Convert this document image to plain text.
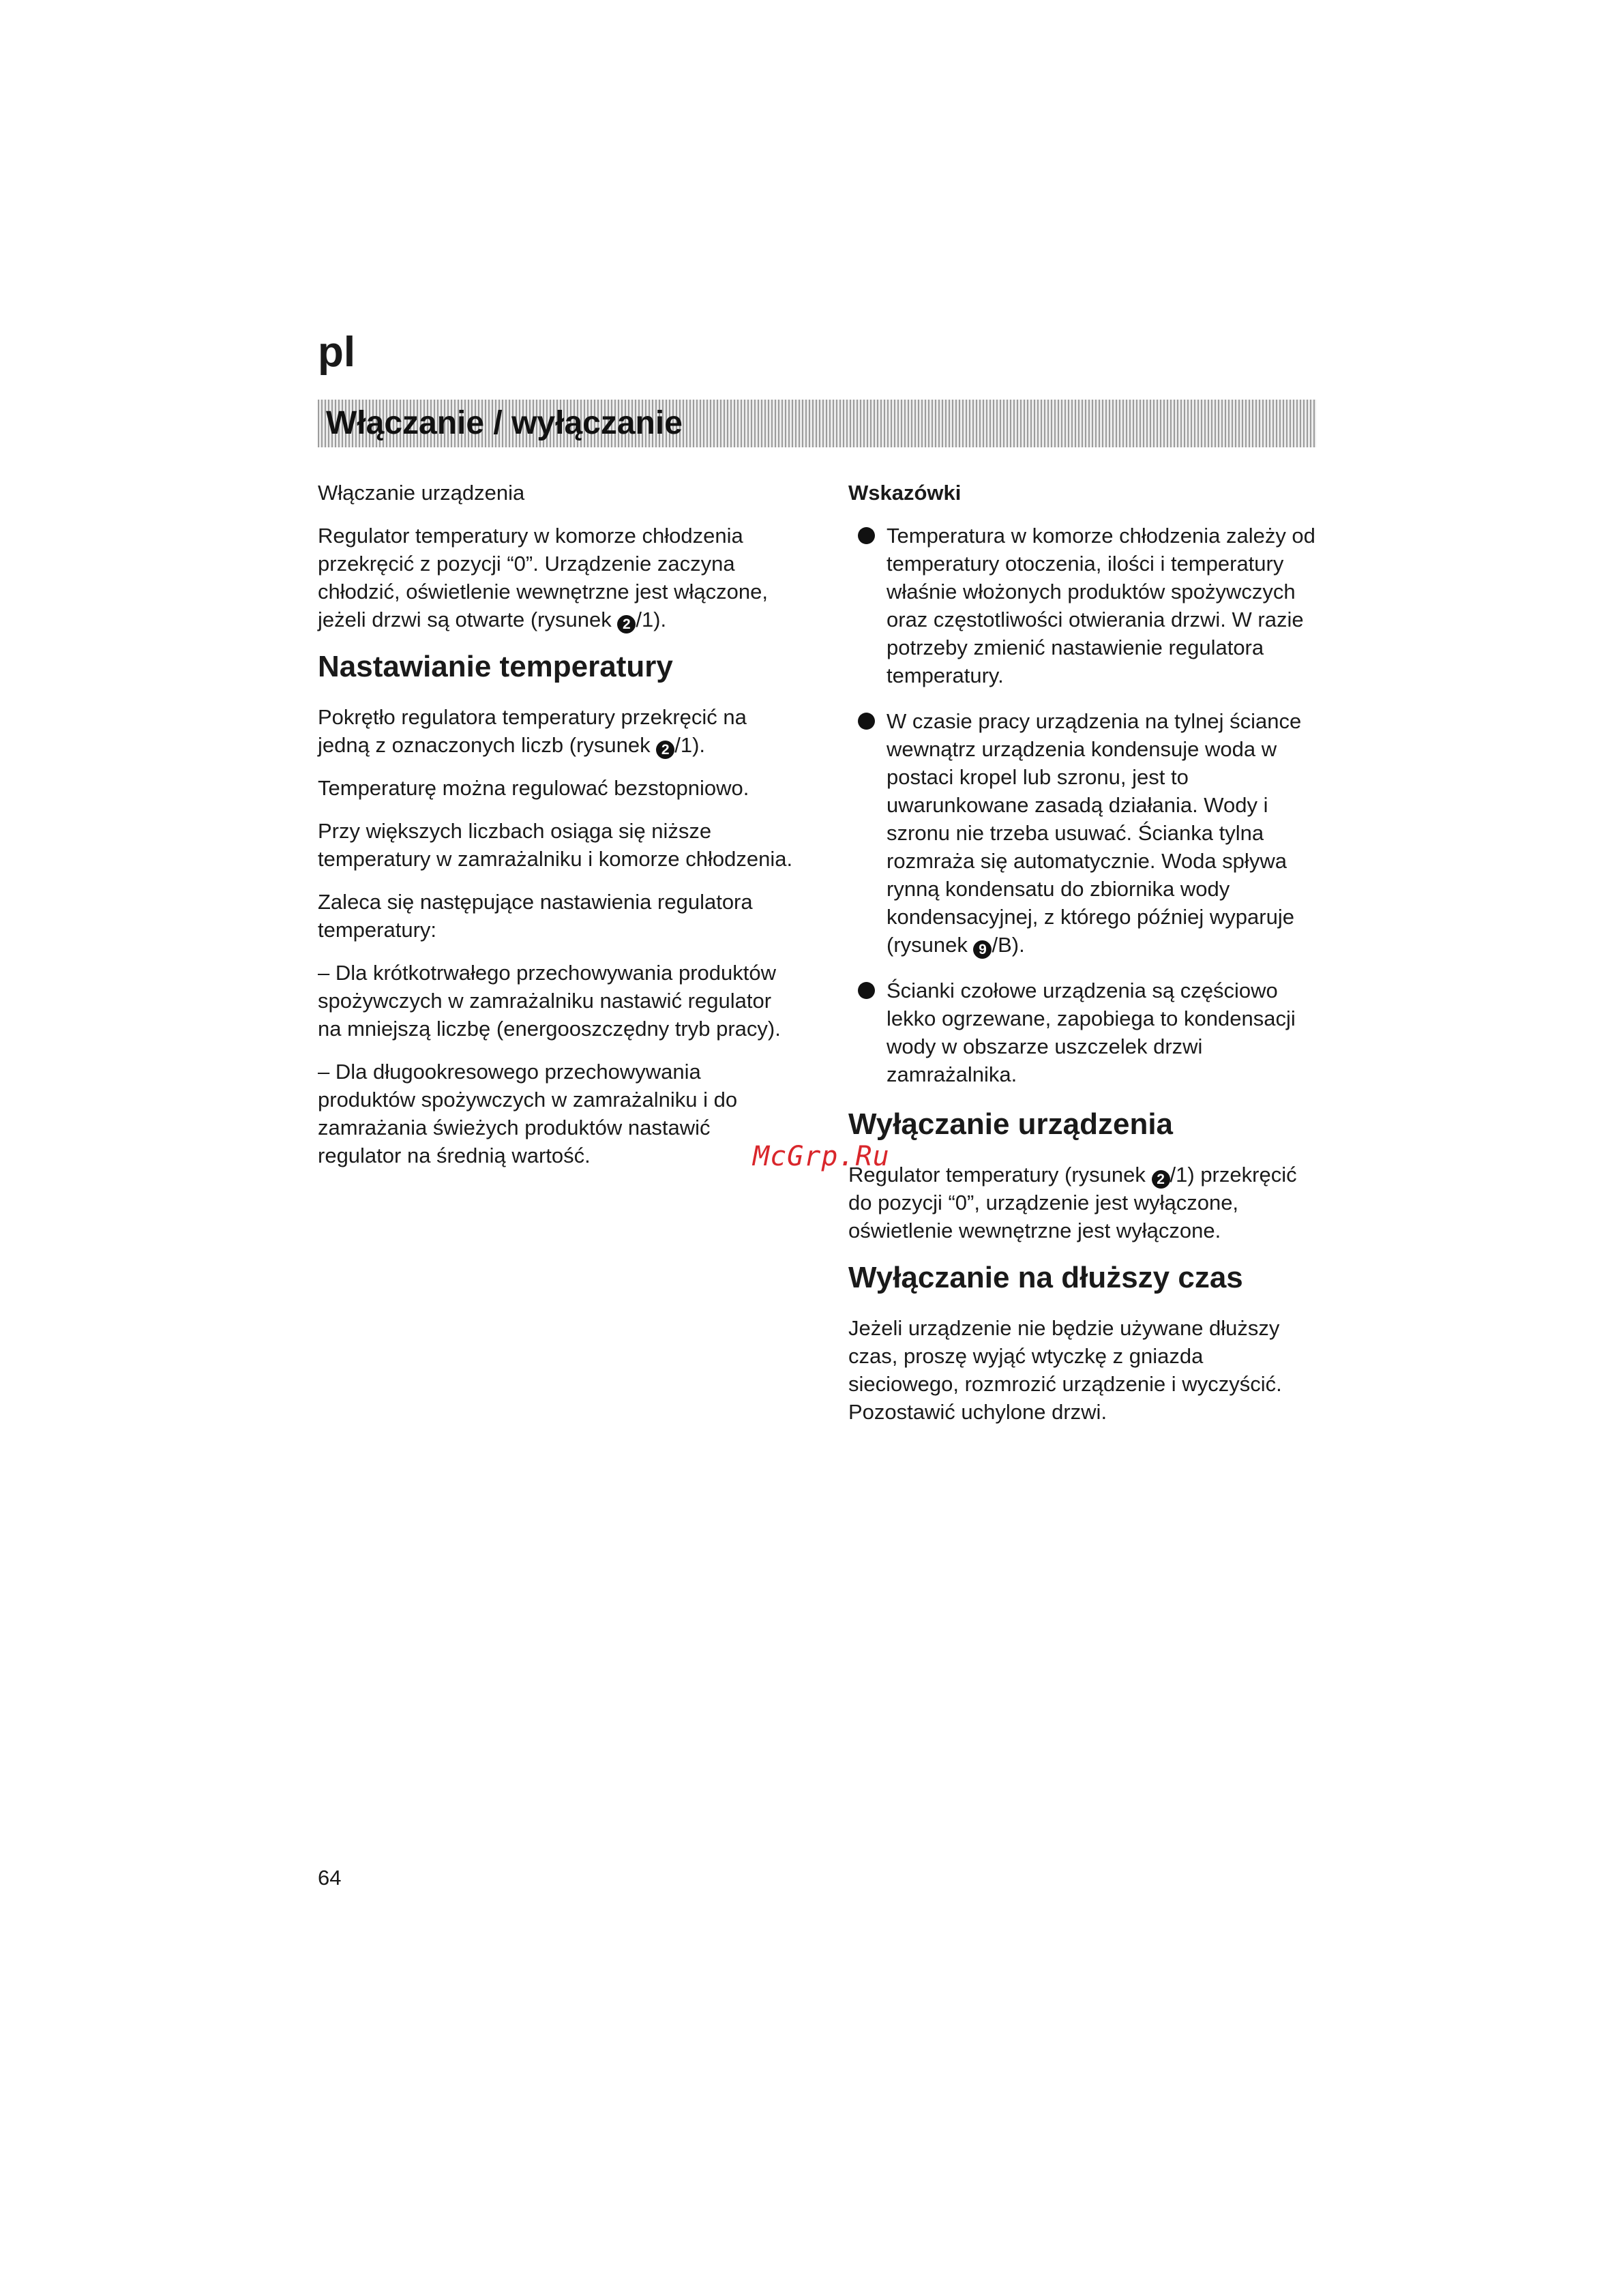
pl
Włączanie / wyłączanie

Włączanie urządzenia

Regulator temperatury w komorze chłodzenia przekręcić z pozycji “0”. Urządzenie zaczyna chłodzić, oświetlenie wewnętrzne jest włączone, jeżeli drzwi są otwarte (rysunek 2 /1).

Nastawianie temperatury

Pokrętło regulatora temperatury przekręcić na jedną z oznaczonych liczb (rysunek 2 /1).

Temperaturę można regulować bezstopniowo.

Przy większych liczbach osiąga się niższe temperatury w zamrażalniku i komorze chłodzenia.

Zaleca się następujące nastawienia regulatora temperatury:

– Dla krótkotrwałego przechowywania produktów spożywczych w zamrażalniku nastawić regulator na mniejszą liczbę (energooszczędny tryb pracy).

– Dla długookresowego przechowywania produktów spożywczych w zamrażalniku i do zamrażania świeżych produktów nastawić regulator na średnią wartość.

Wskazówki
Temperatura w komorze chłodzenia zależy od temperatury otoczenia, ilości i temperatury właśnie włożonych produktów spożywczych oraz częstotliwości otwierania drzwi. W razie potrzeby zmienić nastawienie regulatora temperatury.
W czasie pracy urządzenia na tylnej ściance wewnątrz urządzenia kondensuje woda w postaci kropel lub szronu, jest to uwarunkowane zasadą działania. Wody i szronu nie trzeba usuwać. Ścianka tylna rozmraża się automatycznie. Woda spływa rynną kondensatu do zbiornika wody kondensacyjnej, z którego później wyparuje (rysunek 9 /B).
Ścianki czołowe urządzenia są częściowo lekko ogrzewane, zapobiega to kondensacji wody w obszarze uszczelek drzwi zamrażalnika.
Wyłączanie urządzenia

Regulator temperatury (rysunek 2 /1) przekręcić do pozycji “0”, urządzenie jest wyłączone, oświetlenie wewnętrzne jest wyłączone.

Wyłączanie na dłuższy czas

Jeżeli urządzenie nie będzie używane dłuższy czas, proszę wyjąć wtyczkę z gniazda sieciowego, rozmrozić urządzenie i wyczyścić. Pozostawić uchylone drzwi.

McGrp.Ru
64
